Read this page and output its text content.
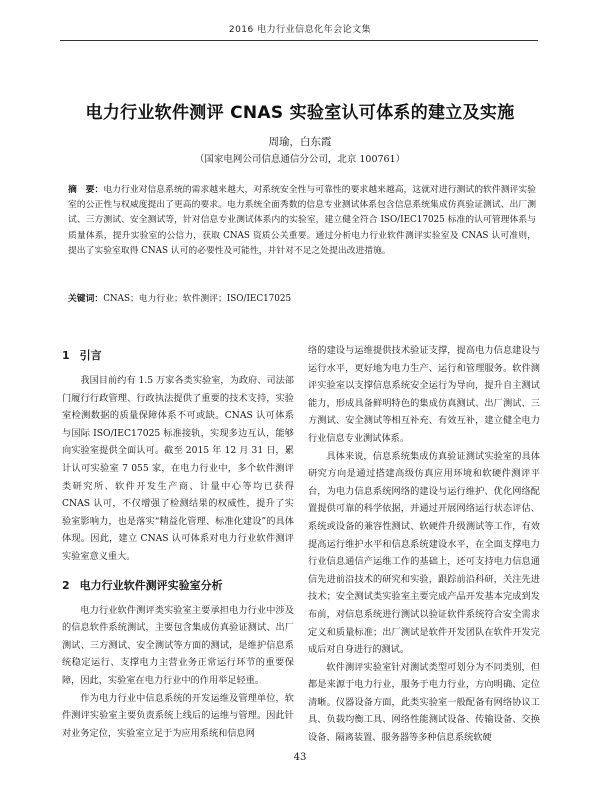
2016 电力行业信息化年会论文集
电力行业软件测评 CNAS 实验室认可体系的建立及实施
周瑜，白东霞
（国家电网公司信息通信分公司，北京 100761）
摘　要：电力行业对信息系统的需求越来越大，对系统安全性与可靠性的要求越来越高，这就对进行测试的软件测评实验室的公正性与权威度提出了更高的要求。电力系统全面秀数的信息专业测试体系包含信息系统集成仿真验证测试、出厂测试、三方测试、安全测试等，针对信息专业测试体系内的实验室，建立健全符合 ISO/IEC17025 标准的认可管理体系与质量体系，提升实验室的公信力，获取 CNAS 资质公关重要。通过分析电力行业软件测评实验室及 CNAS 认可准则，提出了实验室取得 CNAS 认可的必要性及可能性，并针对不足之处提出改进措施。
关键词：CNAS；电力行业；软件测评；ISO/IEC17025
1 引言

我国目前约有 1.5 万家各类实验室，为政府、司法部门履行行政管理、行政执法提供了重要的技术支持，实验室检测数据的质量保障体系不可或缺。CNAS 认可体系与国际 ISO/IEC17025 标准接轨，实现多边互认，能够向实验室提供全面认可。截至 2015 年 12 月 31 日，累计认可实验室 7 055 家，在电力行业中，多个软件测评类研究所、软件开发生产商、计量中心等均已获得 CNAS 认可，不仅增强了检测结果的权威性，提升了实验室影响力，也是落实“精益化管理、标准化建设”的具体体现。因此，建立 CNAS 认可体系对电力行业软件测评实验室意义重大。

2 电力行业软件测评实验室分析

电力行业软件测评类实验室主要承担电力行业中涉及的信息软件系统测试，主要包含集成仿真验证测试、出厂测试、三方测试、安全测试等方面的测试，是维护信息系统稳定运行、支撑电力主营业务正常运行环节的重要保障，因此，实验室在电力行业中的作用举足轻重。

作为电力行业中信息系统的开发运维及管理单位，软件测评实验室主要负责系统上线后的运维与管理。因此针对业务定位，实验室立足于为应用系统和信息网

络的建设与运维提供技术验证支撑，提高电力信息建设与运行水平，更好地为电力生产、运行和管理服务。软件测评实验室以支撑信息系统安全运行为导向，提升自主测试能力，形成具备鲜明特色的集成仿真测试、出厂测试、三方测试、安全测试等相互补充、有效互补，建立健全电力行业信息专业测试体系。

具体来说，信息系统集成仿真验证测试实验室的具体研究方向是通过搭建高级仿真应用环境和软硬件测评平台，为电力信息系统网络的建设与运行维护、优化网络配置提供可靠的科学依据，并通过开展网络运行状态评估、系统或设备的兼容性测试、软硬件升级测试等工作，有效提高运行维护水平和信息系统建设水平，在全面支撑电力行业信息通信产运维工作的基础上，还可支持电力信息通信先进前沿技术的研究和实验，跟踪前沿科研，关注先进技术；安全测试类实验室主要完成产品开发基本完成到发布前，对信息系统进行测试以验证软件系统符合安全需求定义和质量标准；出厂测试是软件开发团队在软件开发完成后对自身进行的测试。

软件测评实验室针对测试类型可划分为不同类别，但都是来源于电力行业，服务于电力行业，方向明确、定位清晰。仪器设备方面，此类实验室一般配备有网络协议工具、负载均衡工具、网络性能测试设备、传输设备、交换设备、隔离装置、服务器等多种信息系统软硬

43
